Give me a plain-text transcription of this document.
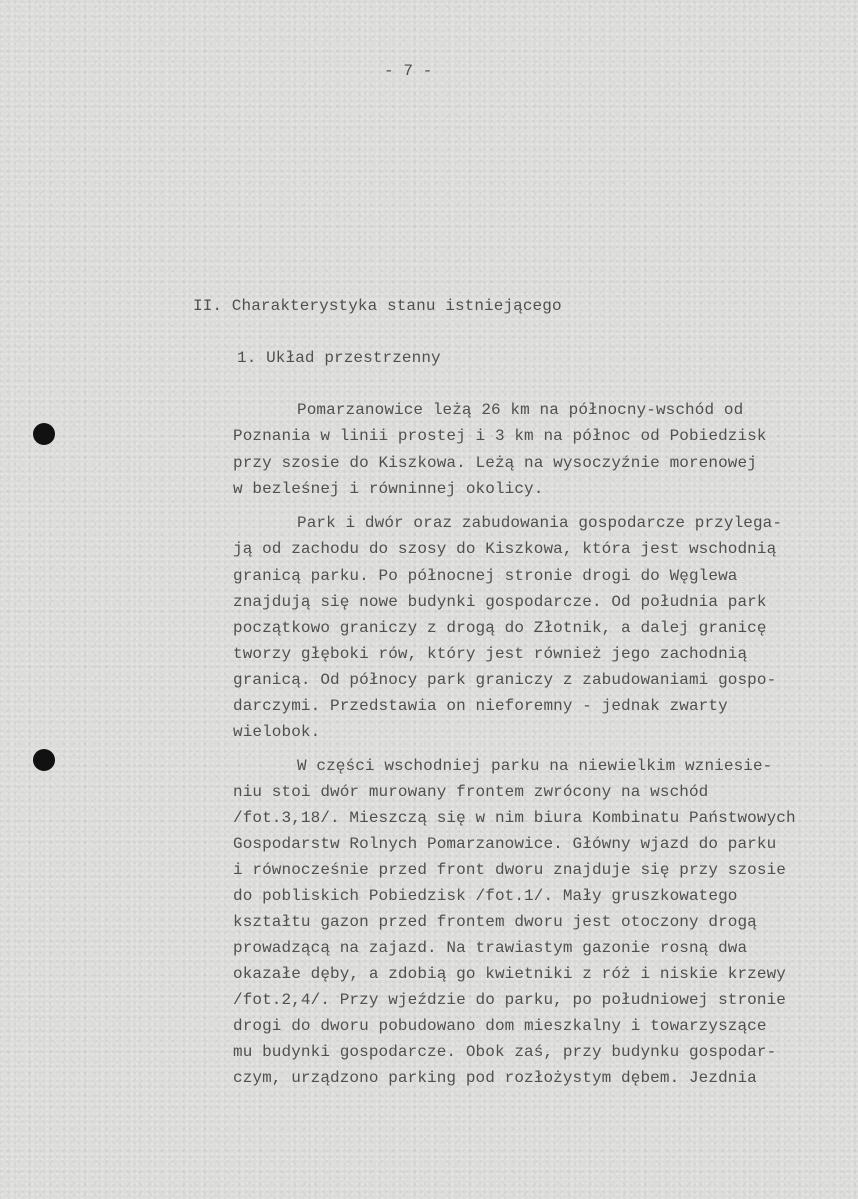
- 7 -
II. Charakterystyka stanu istniejącego
1. Układ przestrzenny
Pomarzanowice leżą 26 km na północny-wschód od
Poznania w linii prostej i 3 km na północ od Pobiedzisk
przy szosie do Kiszkowa. Leżą na wysoczyźnie morenowej
w bezleśnej i równinnej okolicy.
Park i dwór oraz zabudowania gospodarcze przylega-
ją od zachodu do szosy do Kiszkowa, która jest wschodnią
granicą parku. Po północnej stronie drogi do Węglewa
znajdują się nowe budynki gospodarcze. Od południa park
początkowo graniczy z drogą do Złotnik, a dalej granicę
tworzy głęboki rów, który jest również jego zachodnią
granicą. Od północy park graniczy z zabudowaniami gospo-
darczymi. Przedstawia on nieforemny - jednak zwarty
wielobok.
W części wschodniej parku na niewielkim wzniesie-
niu stoi dwór murowany frontem zwrócony na wschód
/fot.3,18/. Mieszczą się w nim biura Kombinatu Państwowych
Gospodarstw Rolnych Pomarzanowice. Główny wjazd do parku
i równocześnie przed front dworu znajduje się przy szosie
do pobliskich Pobiedzisk /fot.1/. Mały gruszkowatego
kształtu gazon przed frontem dworu jest otoczony drogą
prowadzącą na zajazd. Na trawiastym gazonie rosną dwa
okazałe dęby, a zdobią go kwietniki z róż i niskie krzewy
/fot.2,4/. Przy wjeździe do parku, po południowej stronie
drogi do dworu pobudowano dom mieszkalny i towarzyszące
mu budynki gospodarcze. Obok zaś, przy budynku gospodar-
czym, urządzono parking pod rozłożystym dębem. Jezdnia
